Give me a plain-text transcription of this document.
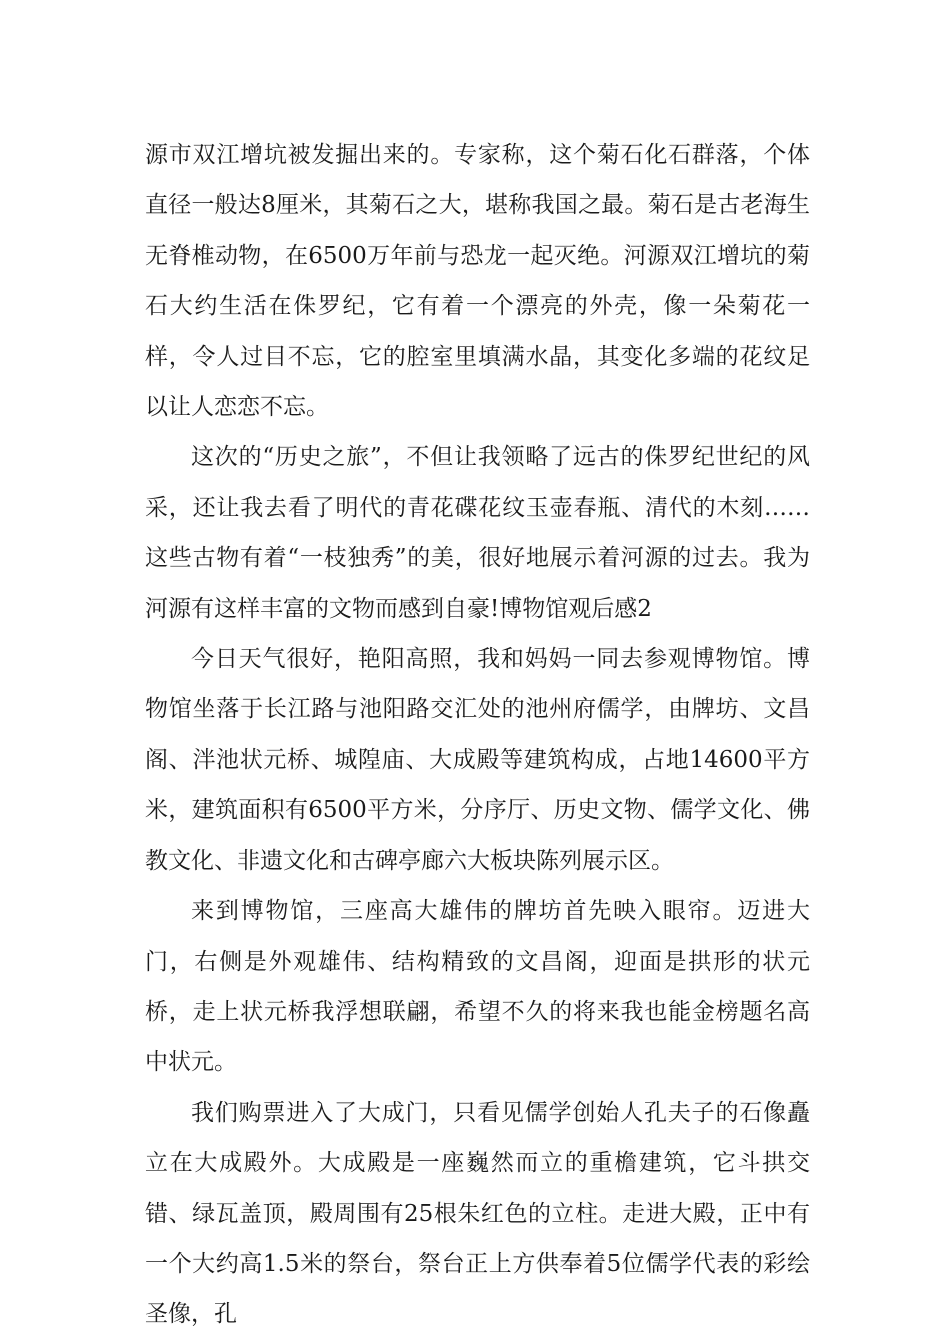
源市双江增坑被发掘出来的。专家称，这个菊石化石群落，个体直径一般达8厘米，其菊石之大，堪称我国之最。菊石是古老海生无脊椎动物，在6500万年前与恐龙一起灭绝。河源双江增坑的菊石大约生活在侏罗纪，它有着一个漂亮的外壳，像一朵菊花一样，令人过目不忘，它的腔室里填满水晶，其变化多端的花纹足以让人恋恋不忘。

这次的“历史之旅”，不但让我领略了远古的侏罗纪世纪的风采，还让我去看了明代的青花碟花纹玉壶春瓶、清代的木刻……这些古物有着“一枝独秀”的美，很好地展示着河源的过去。我为河源有这样丰富的文物而感到自豪!博物馆观后感2

今日天气很好，艳阳高照，我和妈妈一同去参观博物馆。博物馆坐落于长江路与池阳路交汇处的池州府儒学，由牌坊、文昌阁、泮池状元桥、城隍庙、大成殿等建筑构成，占地14600平方米，建筑面积有6500平方米，分序厅、历史文物、儒学文化、佛教文化、非遗文化和古碑亭廊六大板块陈列展示区。

来到博物馆，三座高大雄伟的牌坊首先映入眼帘。迈进大门，右侧是外观雄伟、结构精致的文昌阁，迎面是拱形的状元桥，走上状元桥我浮想联翩，希望不久的将来我也能金榜题名高中状元。

我们购票进入了大成门，只看见儒学创始人孔夫子的石像矗立在大成殿外。大成殿是一座巍然而立的重檐建筑，它斗拱交错、绿瓦盖顶，殿周围有25根朱红色的立柱。走进大殿，正中有一个大约高1.5米的祭台，祭台正上方供奉着5位儒学代表的彩绘圣像，孔
